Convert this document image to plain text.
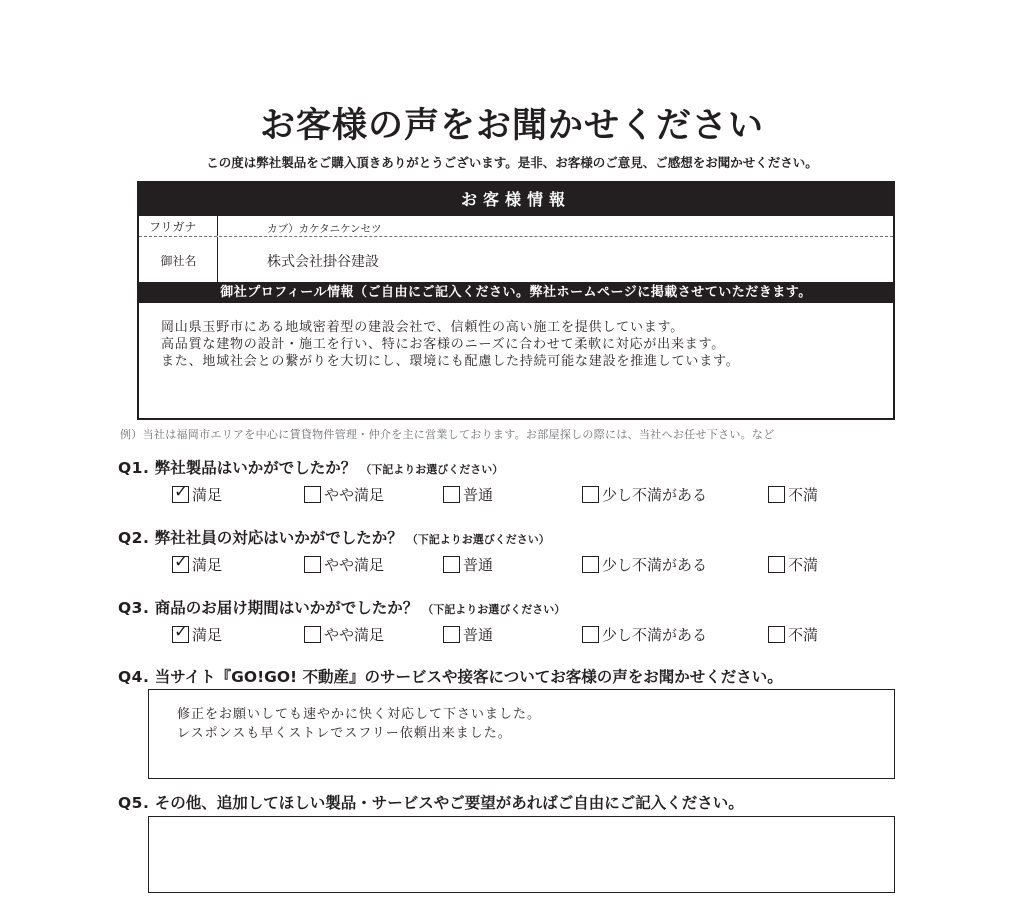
お客様の声をお聞かせください
この度は弊社製品をご購入頂きありがとうございます。是非、お客様のご意見、ご感想をお聞かせください。
お客様情報
フリガナ	カブ）カケタニケンセツ
御社名	株式会社掛谷建設
御社プロフィール情報（ご自由にご記入ください。弊社ホームページに掲載させていただきます。
岡山県玉野市にある地域密着型の建設会社で、信頼性の高い施工を提供しています。
高品質な建物の設計・施工を行い、特にお客様のニーズに合わせて柔軟に対応が出来ます。
また、地域社会との繋がりを大切にし、環境にも配慮した持続可能な建設を推進しています。
例）当社は福岡市エリアを中心に賃貸物件管理・仲介を主に営業しております。お部屋探しの際には、当社へお任せ下さい。など
Q1. 弊社製品はいかがでしたか？ （下記よりお選びください）
✓ 満足	やや満足	普通	少し不満がある	不満
Q2. 弊社社員の対応はいかがでしたか？ （下記よりお選びください）
✓ 満足	やや満足	普通	少し不満がある	不満
Q3. 商品のお届け期間はいかがでしたか？ （下記よりお選びください）
✓ 満足	やや満足	普通	少し不満がある	不満
Q4. 当サイト『GO!GO! 不動産』のサービスや接客についてお客様の声をお聞かせください。
修正をお願いしても速やかに快く対応して下さいました。
レスポンスも早くストレでスフリー依頼出来ました。
Q5. その他、追加してほしい製品・サービスやご要望があればご自由にご記入ください。
